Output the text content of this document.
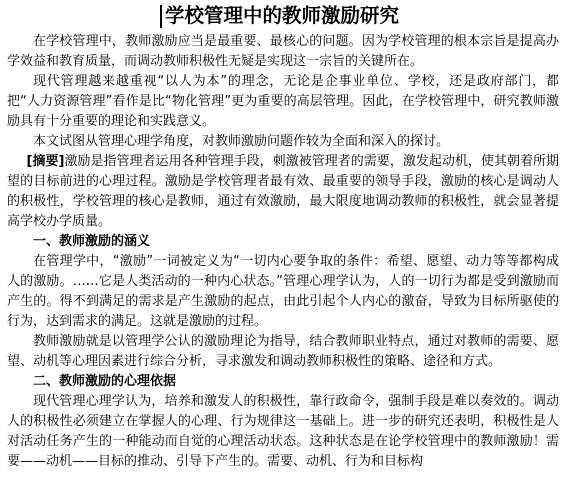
学校管理中的教师激励研究

在学校管理中，教师激励应当是最重要、最核心的问题。因为学校管理的根本宗旨是提高办学效益和教育质量，而调动教师积极性无疑是实现这一宗旨的关键所在。

现代管理越来越重视“以人为本”的理念，无论是企事业单位、学校，还是政府部门，都把“人力资源管理”看作是比“物化管理”更为重要的高层管理。因此，在学校管理中，研究教师激励具有十分重要的理论和实践意义。

本文试图从管理心理学角度，对教师激励问题作较为全面和深入的探讨。

[摘要]激励是指管理者运用各种管理手段，刺激被管理者的需要，激发起动机，使其朝着所期望的目标前进的心理过程。激励是学校管理者最有效、最重要的领导手段，激励的核心是调动人的积极性，学校管理的核心是教师，通过有效激励，最大限度地调动教师的积极性，就会显著提高学校办学质量。

一、教师激励的涵义

在管理学中，“激励”一词被定义为“一切内心要争取的条件：希望、愿望、动力等等都构成人的激励。……它是人类活动的一种内心状态。”管理心理学认为，人的一切行为都是受到激励而产生的。得不到满足的需求是产生激励的起点，由此引起个人内心的激奋，导致为目标所驱使的行为，达到需求的满足。这就是激励的过程。

教师激励就是以管理学公认的激励理论为指导，结合教师职业特点，通过对教师的需要、愿望、动机等心理因素进行综合分析，寻求激发和调动教师积极性的策略、途径和方式。

二、教师激励的心理依据

现代管理心理学认为，培养和激发人的积极性，靠行政命令，强制手段是难以奏效的。调动人的积极性必须建立在掌握人的心理、行为规律这一基础上。进一步的研究还表明，积极性是人对活动任务产生的一种能动而自觉的心理活动状态。这种状态是在论学校管理中的教师激励！需要——动机——目标的推动、引导下产生的。需要、动机、行为和目标构
